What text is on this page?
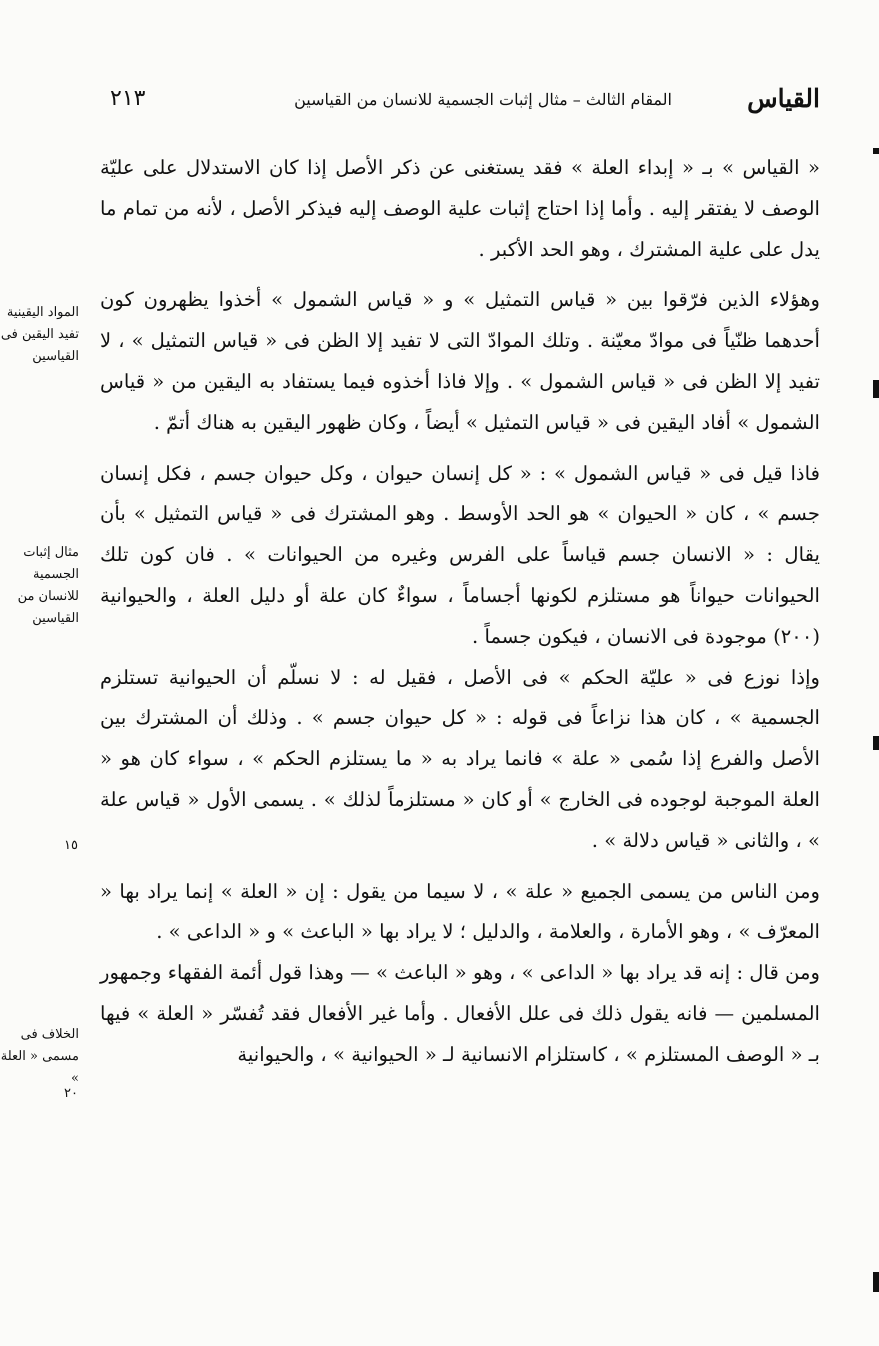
القياس
المقام الثالث – مثال إثبات الجسمية للانسان من القياسين
٢١٣

« القياس » بـ « إبداء العلة » فقد يستغنى عن ذكر الأصل إذا كان الاستدلال على عليّة الوصف لا يفتقر إليه . وأما إذا احتاج إثبات علية الوصف إليه فيذكر الأصل ، لأنه من تمام ما يدل على علية المشترك ، وهو الحد الأكبر .

وهؤلاء الذين فرّقوا بين « قياس التمثيل » و « قياس الشمول » أخذوا يظهرون كون أحدهما ظنّياً فى موادّ معيّنة . وتلك الموادّ التى لا تفيد إلا الظن فى « قياس التمثيل » ، لا تفيد إلا الظن فى « قياس الشمول » . وإلا فاذا أخذوه فيما يستفاد به اليقين من « قياس الشمول » أفاد اليقين فى « قياس التمثيل » أيضاً ، وكان ظهور اليقين به هناك أتمّ .

فاذا قيل فى « قياس الشمول » : « كل إنسان حيوان ، وكل حيوان جسم ، فكل إنسان جسم » ، كان « الحيوان » هو الحد الأوسط . وهو المشترك فى « قياس التمثيل » بأن يقال : « الانسان جسم قياساً على الفرس وغيره من الحيوانات » . فان كون تلك الحيوانات حيواناً هو مستلزم لكونها أجساماً ، سواءٌ كان علة أو دليل العلة ، والحيوانية (٢٠٠) موجودة فى الانسان ، فيكون جسماً .

وإذا نوزع فى « عليّة الحكم » فى الأصل ، فقيل له : لا نسلّم أن الحيوانية تستلزم الجسمية » ، كان هذا نزاعاً فى قوله : « كل حيوان جسم » . وذلك أن المشترك بين الأصل والفرع إذا سُمى « علة » فانما يراد به « ما يستلزم الحكم » ، سواء كان هو « العلة الموجبة لوجوده فى الخارج » أو كان « مستلزماً لذلك » . يسمى الأول « قياس علة » ، والثانى « قياس دلالة » .

ومن الناس من يسمى الجميع « علة » ، لا سيما من يقول : إن « العلة » إنما يراد بها « المعرّف » ، وهو الأمارة ، والعلامة ، والدليل ؛ لا يراد بها « الباعث » و « الداعى » .

ومن قال : إنه قد يراد بها « الداعى » ، وهو « الباعث » — وهذا قول أئمة الفقهاء وجمهور المسلمين — فانه يقول ذلك فى علل الأفعال . وأما غير الأفعال فقد تُفسّر « العلة » فيها بـ « الوصف المستلزم » ، كاستلزام الانسانية لـ « الحيوانية » ، والحيوانية

المواد اليقينية تفيد اليقين فى القياسين
مثال إثبات الجسمية للانسان من القياسين
الخلاف فى مسمى « العلة »
١٥
٢٠
